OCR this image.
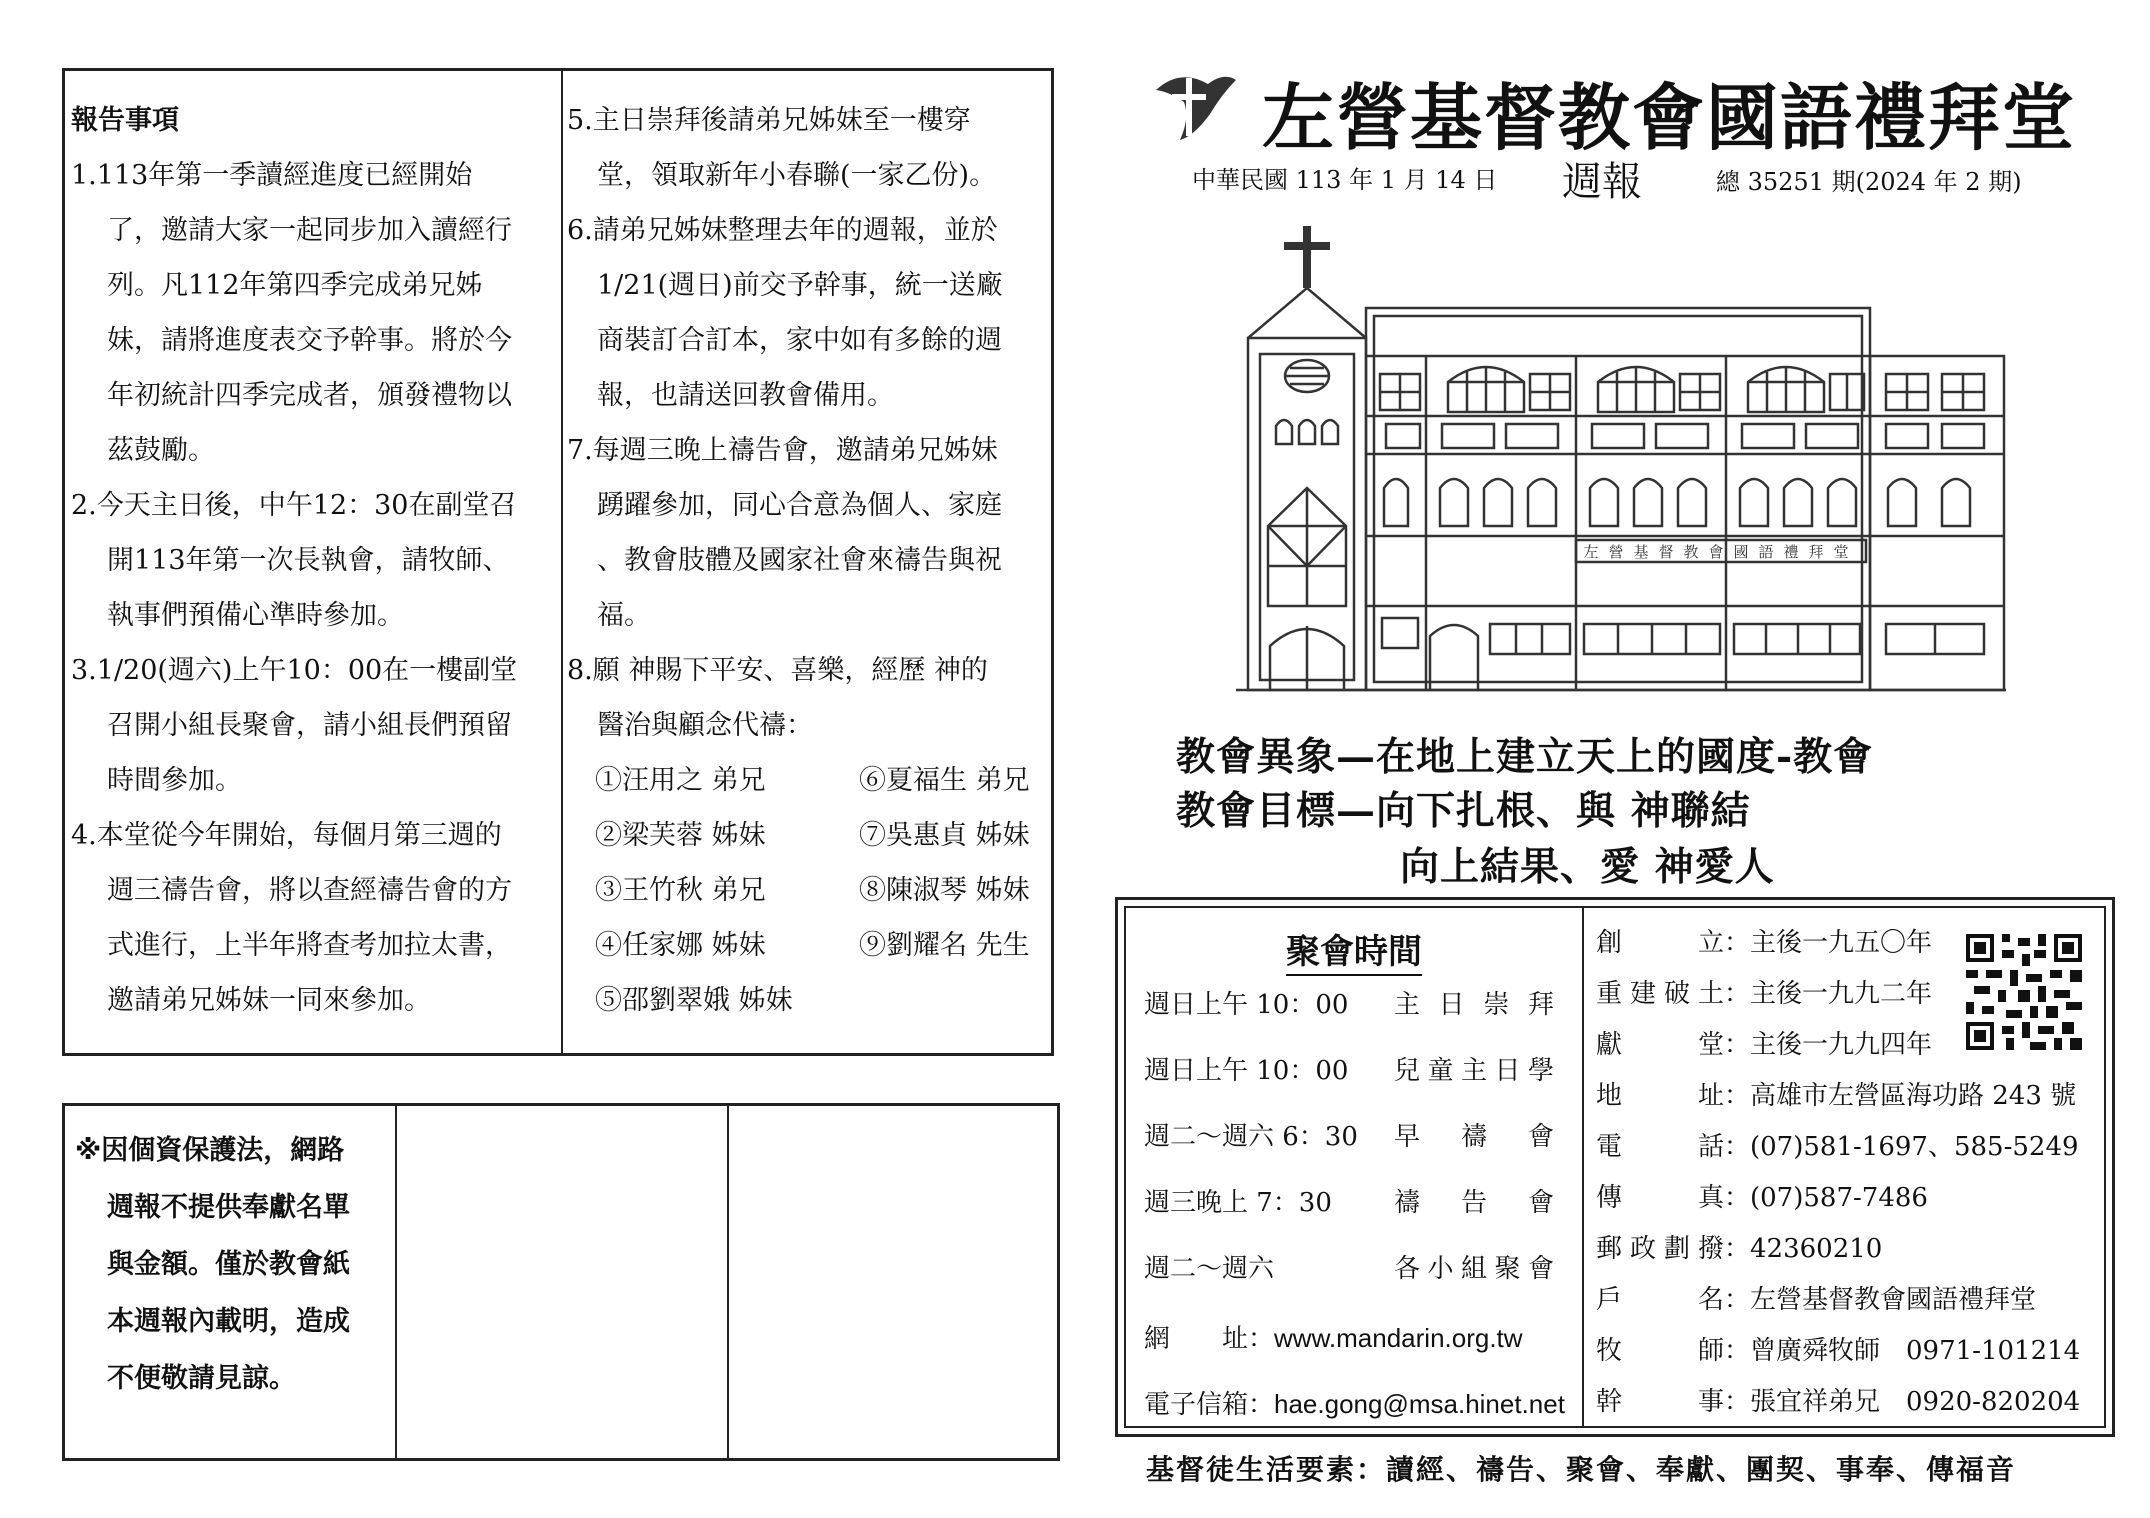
報告事項
1.113年第一季讀經進度已經開始
了，邀請大家一起同步加入讀經行
列。凡112年第四季完成弟兄姊
妹，請將進度表交予幹事。將於今
年初統計四季完成者，頒發禮物以
茲鼓勵。
2.今天主日後，中午12：30在副堂召
開113年第一次長執會，請牧師、
執事們預備心準時參加。
3.1/20(週六)上午10：00在一樓副堂
召開小組長聚會，請小組長們預留
時間參加。
4.本堂從今年開始，每個月第三週的
週三禱告會，將以查經禱告會的方
式進行，上半年將查考加拉太書，
邀請弟兄姊妹一同來參加。
5.主日崇拜後請弟兄姊妹至一樓穿
堂，領取新年小春聯(一家乙份)。
6.請弟兄姊妹整理去年的週報，並於
1/21(週日)前交予幹事，統一送廠
商裝訂合訂本，家中如有多餘的週
報，也請送回教會備用。
7.每週三晚上禱告會，邀請弟兄姊妹
踴躍參加，同心合意為個人、家庭
、教會肢體及國家社會來禱告與祝
福。
8.願 神賜下平安、喜樂，經歷 神的
醫治與顧念代禱：
①汪用之 弟兄	⑥夏福生 弟兄
②梁芙蓉 姊妹	⑦吳惠貞 姊妹
③王竹秋 弟兄	⑧陳淑琴 姊妹
④任家娜 姊妹	⑨劉耀名 先生
⑤邵劉翠娥 姊妹
※因個資保護法，網路
週報不提供奉獻名單
與金額。僅於教會紙
本週報內載明，造成
不便敬請見諒。
左營基督教會國語禮拜堂
中華民國 113 年 1 月 14 日 週報	總 35251 期(2024 年 2 期)
左營基督教會國語禮拜堂
教會異象—在地上建立天上的國度-教會
教會目標—向下扎根、與 神聯結
向上結果、愛 神愛人
聚會時間
週日上午 10：00 主日崇拜
週日上午 10：00 兒童主日學
週二～週六 6：30 早禱會
週三晚上 7：30 禱告會
週二～週六	各小組聚會
網　　址：www.mandarin.org.tw
電子信箱：hae.gong@msa.hinet.net
創立：主後一九五〇年
重建破土：主後一九九二年
獻堂：主後一九九四年
地址：高雄市左營區海功路 243 號
電話：(07)581-1697、585-5249
傳真：(07)587-7486
郵政劃撥：42360210
戶名：左營基督教會國語禮拜堂
牧師：曾廣舜牧師　0971-101214
幹事：張宜祥弟兄　0920-820204
基督徒生活要素：讀經、禱告、聚會、奉獻、團契、事奉、傳福音
